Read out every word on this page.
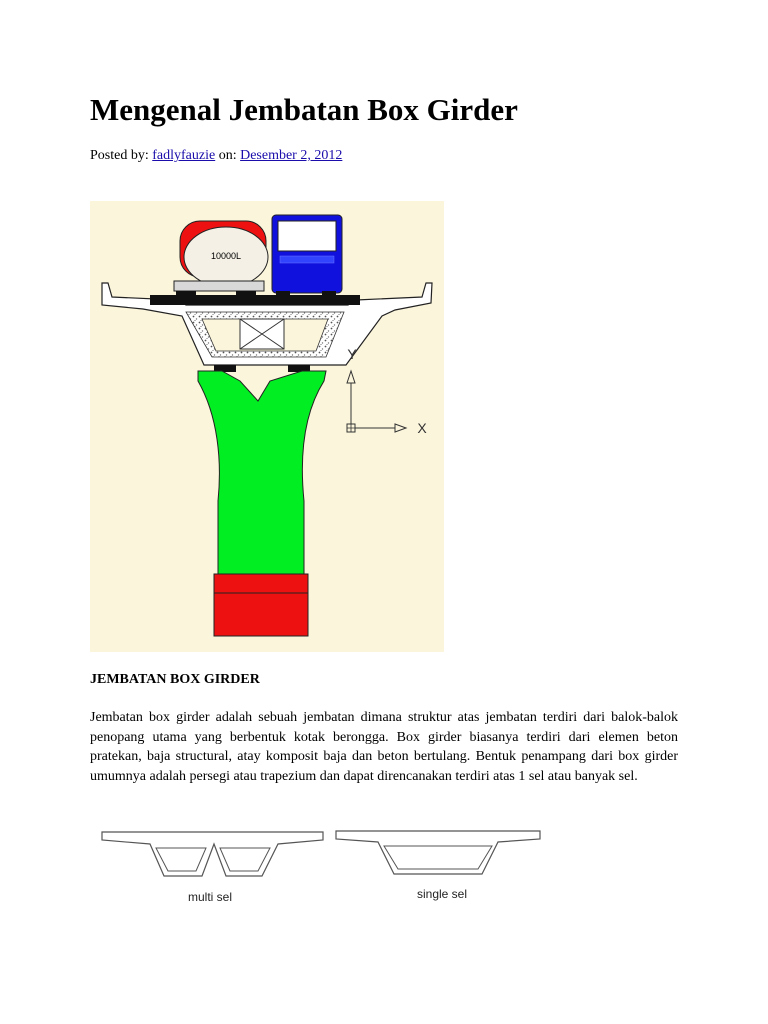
Mengenal Jembatan Box Girder
Posted by: fadlyfauzie on: Desember 2, 2012
10000L
Y
X
JEMBATAN BOX GIRDER

Jembatan box girder adalah sebuah jembatan dimana struktur atas jembatan terdiri dari balok-balok penopang utama yang berbentuk kotak berongga. Box girder biasanya terdiri dari elemen beton pratekan, baja structural, atay komposit baja dan beton bertulang. Bentuk penampang dari box girder umumnya adalah persegi atau trapezium dan dapat direncanakan terdiri atas 1 sel atau banyak sel.

multi sel	single sel
